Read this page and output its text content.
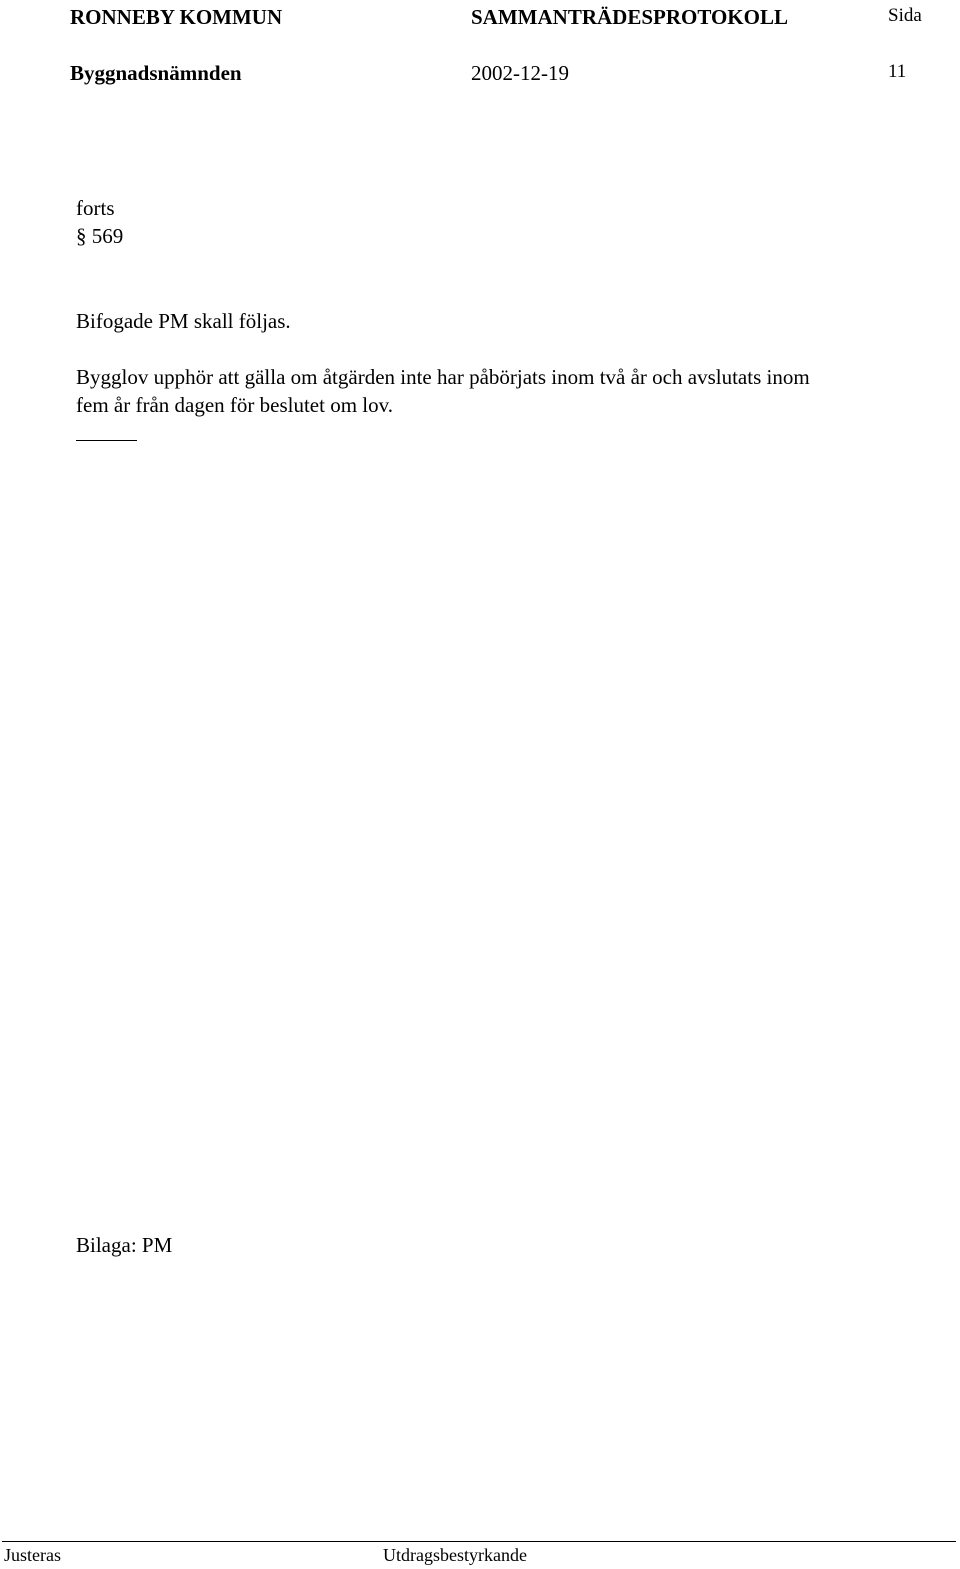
RONNEBY KOMMUN	SAMMANTRÄDESPROTOKOLL	Sida
Byggnadsnämnden	2002-12-19	11
forts
§ 569
Bifogade PM skall följas.
Bygglov upphör att gälla om åtgärden inte har påbörjats inom två år och avslutats inom
fem år från dagen för beslutet om lov.
Bilaga: PM
Justeras	Utdragsbestyrkande
